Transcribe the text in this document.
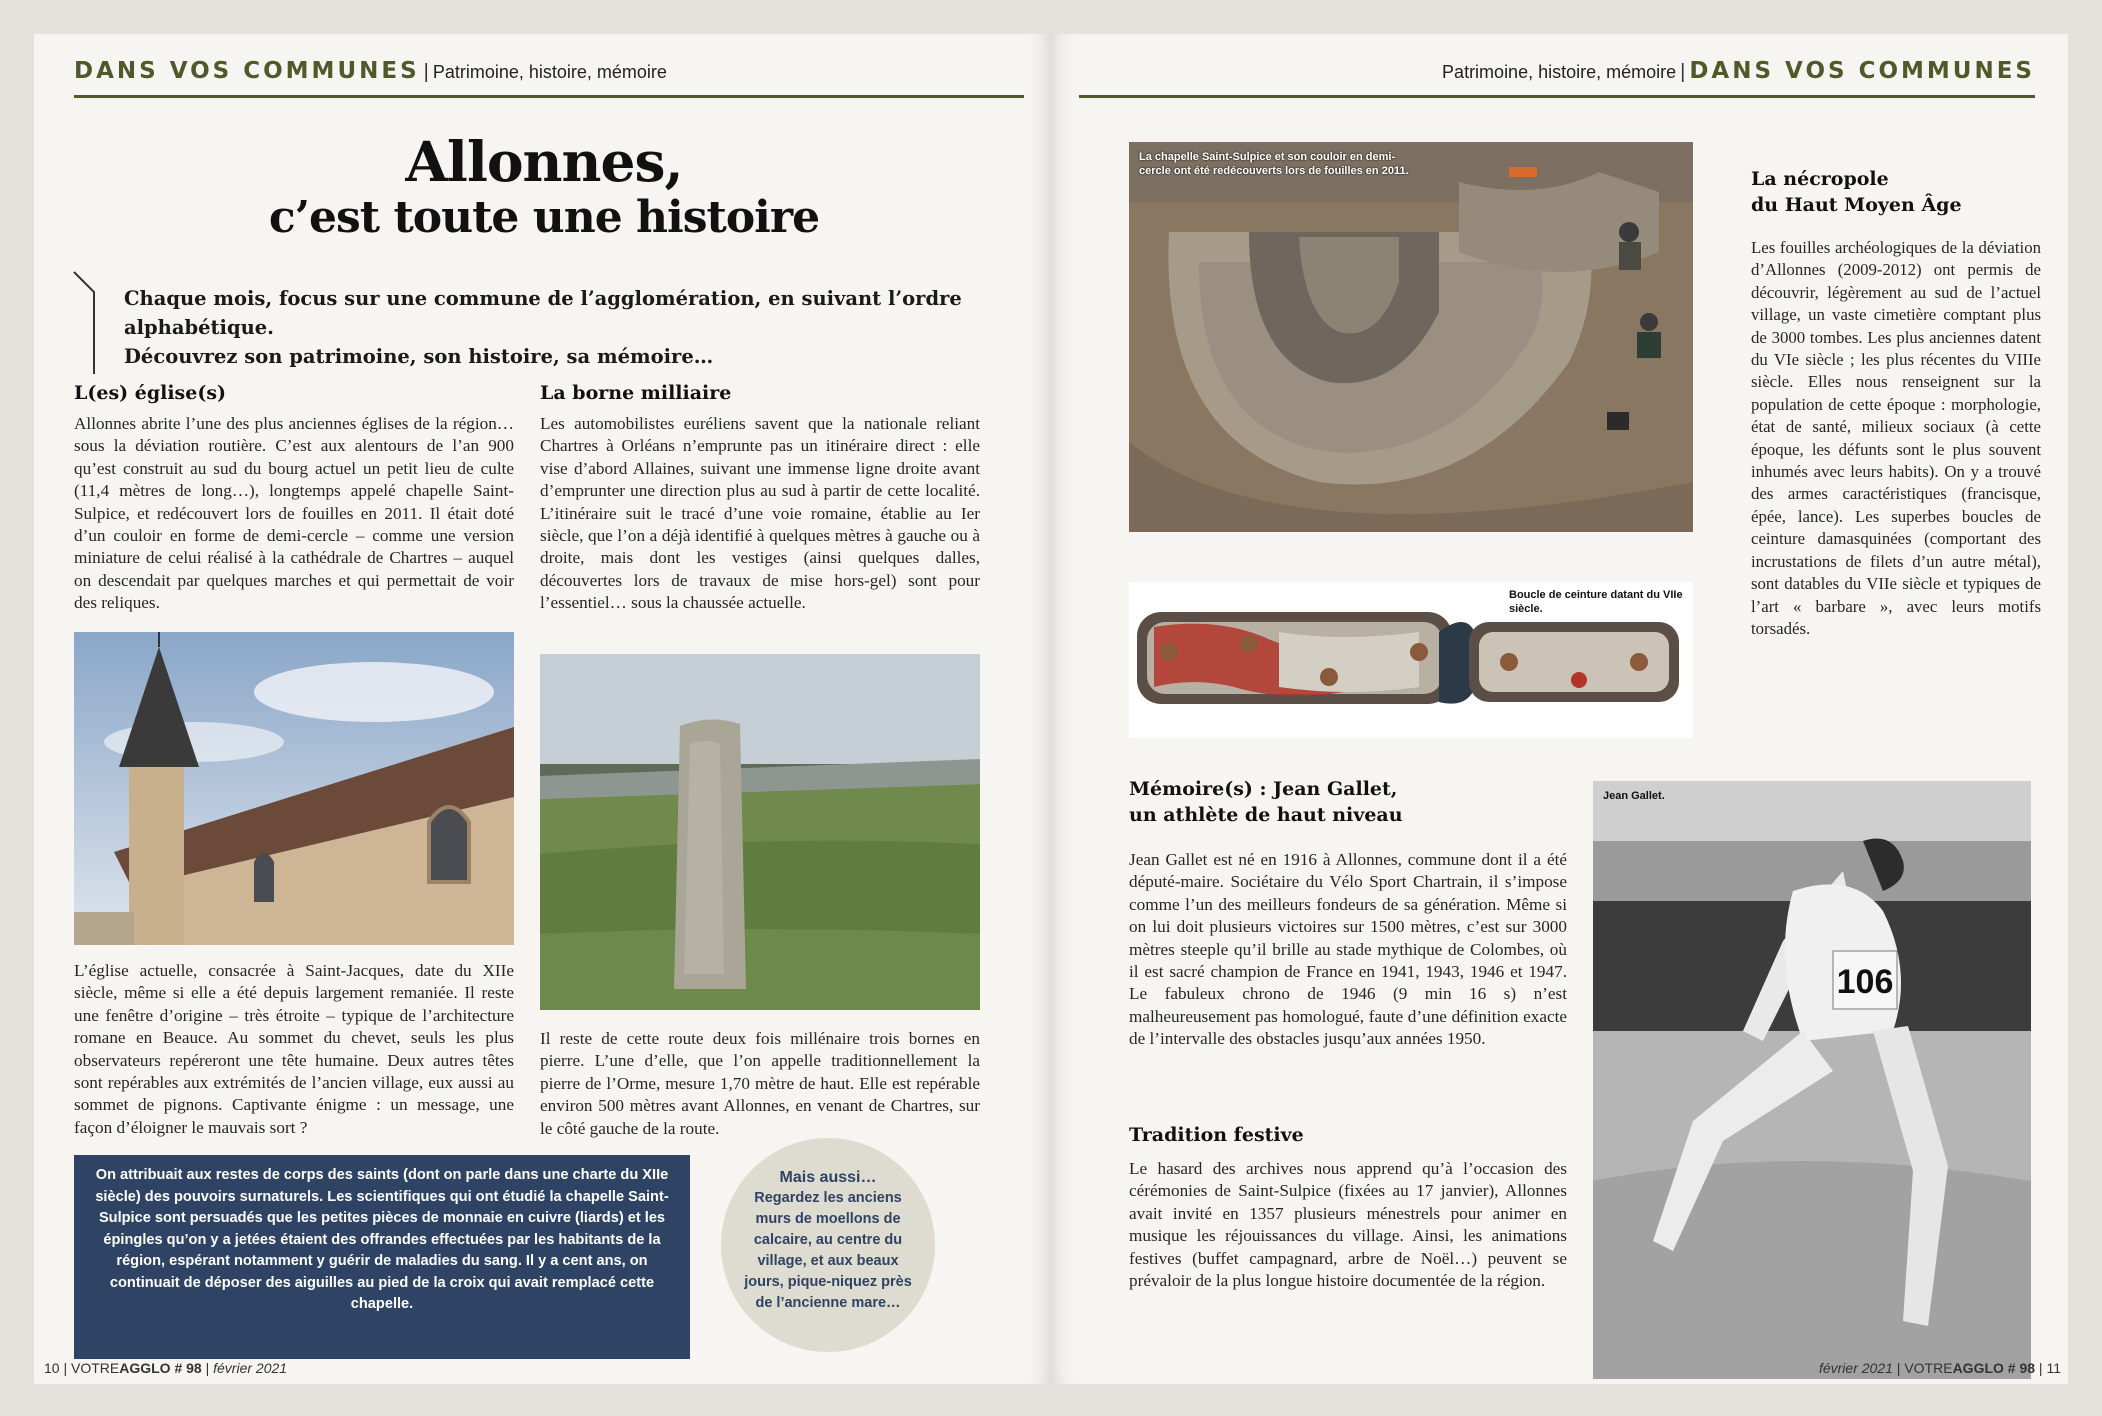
DANS VOS COMMUNES | Patrimoine, histoire, mémoire
Allonnes,
c’est toute une histoire
Chaque mois, focus sur une commune de l’agglomération, en suivant l’ordre alphabétique.
Découvrez son patrimoine, son histoire, sa mémoire…
L(es) église(s)
Allonnes abrite l’une des plus anciennes églises de la région… sous la déviation routière. C’est aux alentours de l’an 900 qu’est construit au sud du bourg actuel un petit lieu de culte (11,4 mètres de long…), longtemps appelé chapelle Saint-Sulpice, et redécouvert lors de fouilles en 2011. Il était doté d’un couloir en forme de demi-cercle – comme une version miniature de celui réalisé à la cathédrale de Chartres – auquel on descendait par quelques marches et qui permettait de voir des reliques.
L’église actuelle, consacrée à Saint-Jacques, date du XIIe siècle, même si elle a été depuis largement remaniée. Il reste une fenêtre d’origine – très étroite – typique de l’architecture romane en Beauce. Au sommet du chevet, seuls les plus observateurs repéreront une tête humaine. Deux autres têtes sont repérables aux extrémités de l’ancien village, eux aussi au sommet de pignons. Captivante énigme : un message, une façon d’éloigner le mauvais sort ?
La borne milliaire
Les automobilistes euréliens savent que la nationale reliant Chartres à Orléans n’emprunte pas un itinéraire direct : elle vise d’abord Allaines, suivant une immense ligne droite avant d’emprunter une direction plus au sud à partir de cette localité. L’itinéraire suit le tracé d’une voie romaine, établie au Ier siècle, que l’on a déjà identifié à quelques mètres à gauche ou à droite, mais dont les vestiges (ainsi quelques dalles, découvertes lors de travaux de mise hors-gel) sont pour l’essentiel… sous la chaussée actuelle.
Il reste de cette route deux fois millénaire trois bornes en pierre. L’une d’elle, que l’on appelle traditionnellement la pierre de l’Orme, mesure 1,70 mètre de haut. Elle est repérable environ 500 mètres avant Allonnes, en venant de Chartres, sur le côté gauche de la route.
On attribuait aux restes de corps des saints (dont on parle dans une charte du XIIe siècle) des pouvoirs surnaturels. Les scientifiques qui ont étudié la chapelle Saint-Sulpice sont persuadés que les petites pièces de monnaie en cuivre (liards) et les épingles qu’on y a jetées étaient des offrandes effectuées par les habitants de la région, espérant notamment y guérir de maladies du sang. Il y a cent ans, on continuait de déposer des aiguilles au pied de la croix qui avait remplacé cette chapelle.
Mais aussi…
Regardez les anciens murs de moellons de calcaire, au centre du village, et aux beaux jours, pique-niquez près de l’ancienne mare…
10 | VOTREAGGLO # 98 | février 2021
Patrimoine, histoire, mémoire | DANS VOS COMMUNES
La chapelle Saint-Sulpice et son couloir en demi-cercle ont été redécouverts lors de fouilles en 2011.
Boucle de ceinture datant du VIIe siècle.
La nécropole
du Haut Moyen Âge
Les fouilles archéologiques de la déviation d’Allonnes (2009-2012) ont permis de découvrir, légèrement au sud de l’actuel village, un vaste cimetière comptant plus de 3000 tombes. Les plus anciennes datent du VIe siècle ; les plus récentes du VIIIe siècle. Elles nous renseignent sur la population de cette époque : morphologie, état de santé, milieux sociaux (à cette époque, les défunts sont le plus souvent inhumés avec leurs habits). On y a trouvé des armes caractéristiques (francisque, épée, lance). Les superbes boucles de ceinture damasquinées (comportant des incrustations de filets d’un autre métal), sont datables du VIIe siècle et typiques de l’art « barbare », avec leurs motifs torsadés.
Mémoire(s) : Jean Gallet,
un athlète de haut niveau
Jean Gallet est né en 1916 à Allonnes, commune dont il a été député-maire. Sociétaire du Vélo Sport Chartrain, il s’impose comme l’un des meilleurs fondeurs de sa génération. Même si on lui doit plusieurs victoires sur 1500 mètres, c’est sur 3000 mètres steeple qu’il brille au stade mythique de Colombes, où il est sacré champion de France en 1941, 1943, 1946 et 1947. Le fabuleux chrono de 1946 (9 min 16 s) n’est malheureusement pas homologué, faute d’une définition exacte de l’intervalle des obstacles jusqu’aux années 1950.
Tradition festive
Le hasard des archives nous apprend qu’à l’occasion des cérémonies de Saint-Sulpice (fixées au 17 janvier), Allonnes avait invité en 1357 plusieurs ménestrels pour animer en musique les réjouissances du village. Ainsi, les animations festives (buffet campagnard, arbre de Noël…) peuvent se prévaloir de la plus longue histoire documentée de la région.
106
Jean Gallet.
février 2021 | VOTREAGGLO # 98 | 11
